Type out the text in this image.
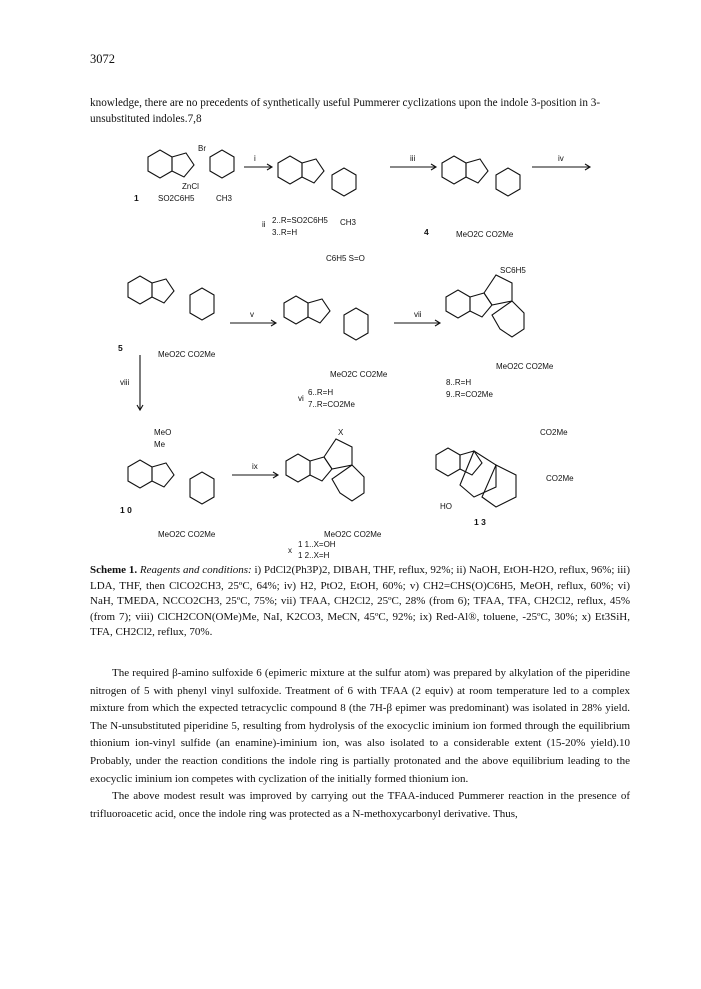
3072
knowledge, there are no precedents of synthetically useful Pummerer cyclizations upon the indole 3-position in 3-unsubstituted indoles.7,8
i	iii	iv
v	vii
viii
ix
Br
ZnCl
SO2C6H5	CH3
1
ii 2..R=SO2C6H5
3..R=H
CH3
4	MeO2C CO2Me
5
MeO2C CO2Me
C6H5 S=O
MeO2C CO2Me
vi
6..R=H
7..R=CO2Me
SC6H5
MeO2C CO2Me
8..R=H
9..R=CO2Me
MeO
Me
1 0
MeO2C CO2Me
X
MeO2C CO2Me
x
1 1..X=OH
1 2..X=H
CO2Me
CO2Me
HO
1 3
Scheme 1. Reagents and conditions: i) PdCl2(Ph3P)2, DIBAH, THF, reflux, 92%; ii) NaOH, EtOH-H2O, reflux, 96%; iii) LDA, THF, then ClCO2CH3, 25ºC, 64%; iv) H2, PtO2, EtOH, 60%; v) CH2=CHS(O)C6H5, MeOH, reflux, 60%; vi) NaH, TMEDA, NCCO2CH3, 25ºC, 75%; vii) TFAA, CH2Cl2, 25ºC, 28% (from 6); TFAA, TFA, CH2Cl2, reflux, 45% (from 7); viii) ClCH2CON(OMe)Me, NaI, K2CO3, MeCN, 45ºC, 92%; ix) Red-Al®, toluene, -25ºC, 30%; x) Et3SiH, TFA, CH2Cl2, reflux, 70%.

The required β-amino sulfoxide 6 (epimeric mixture at the sulfur atom) was prepared by alkylation of the piperidine nitrogen of 5 with phenyl vinyl sulfoxide. Treatment of 6 with TFAA (2 equiv) at room temperature led to a complex mixture from which the expected tetracyclic compound 8 (the 7H-β epimer was predominant) was isolated in 28% yield. The N-unsubstituted piperidine 5, resulting from hydrolysis of the exocyclic iminium ion formed through the equilibrium thionium ion-vinyl sulfide (an enamine)-iminium ion, was also isolated to a considerable extent (15-20% yield).10 Probably, under the reaction conditions the indole ring is partially protonated and the above equilibrium leading to the exocyclic iminium ion competes with cyclization of the initially formed thionium ion.

The above modest result was improved by carrying out the TFAA-induced Pummerer reaction in the presence of trifluoroacetic acid, once the indole ring was protected as a N-methoxycarbonyl derivative. Thus,
